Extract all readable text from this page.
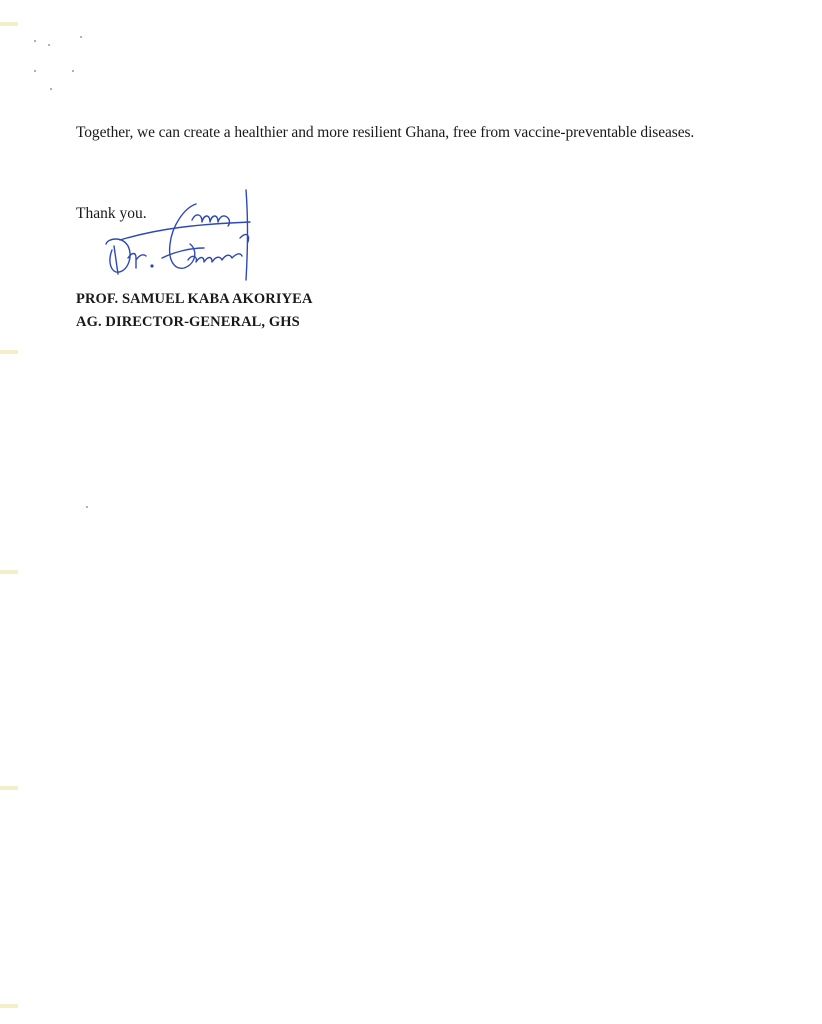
Together, we can create a healthier and more resilient Ghana, free from vaccine-preventable diseases.
Thank you.
PROF. SAMUEL KABA AKORIYEA
AG. DIRECTOR-GENERAL, GHS
